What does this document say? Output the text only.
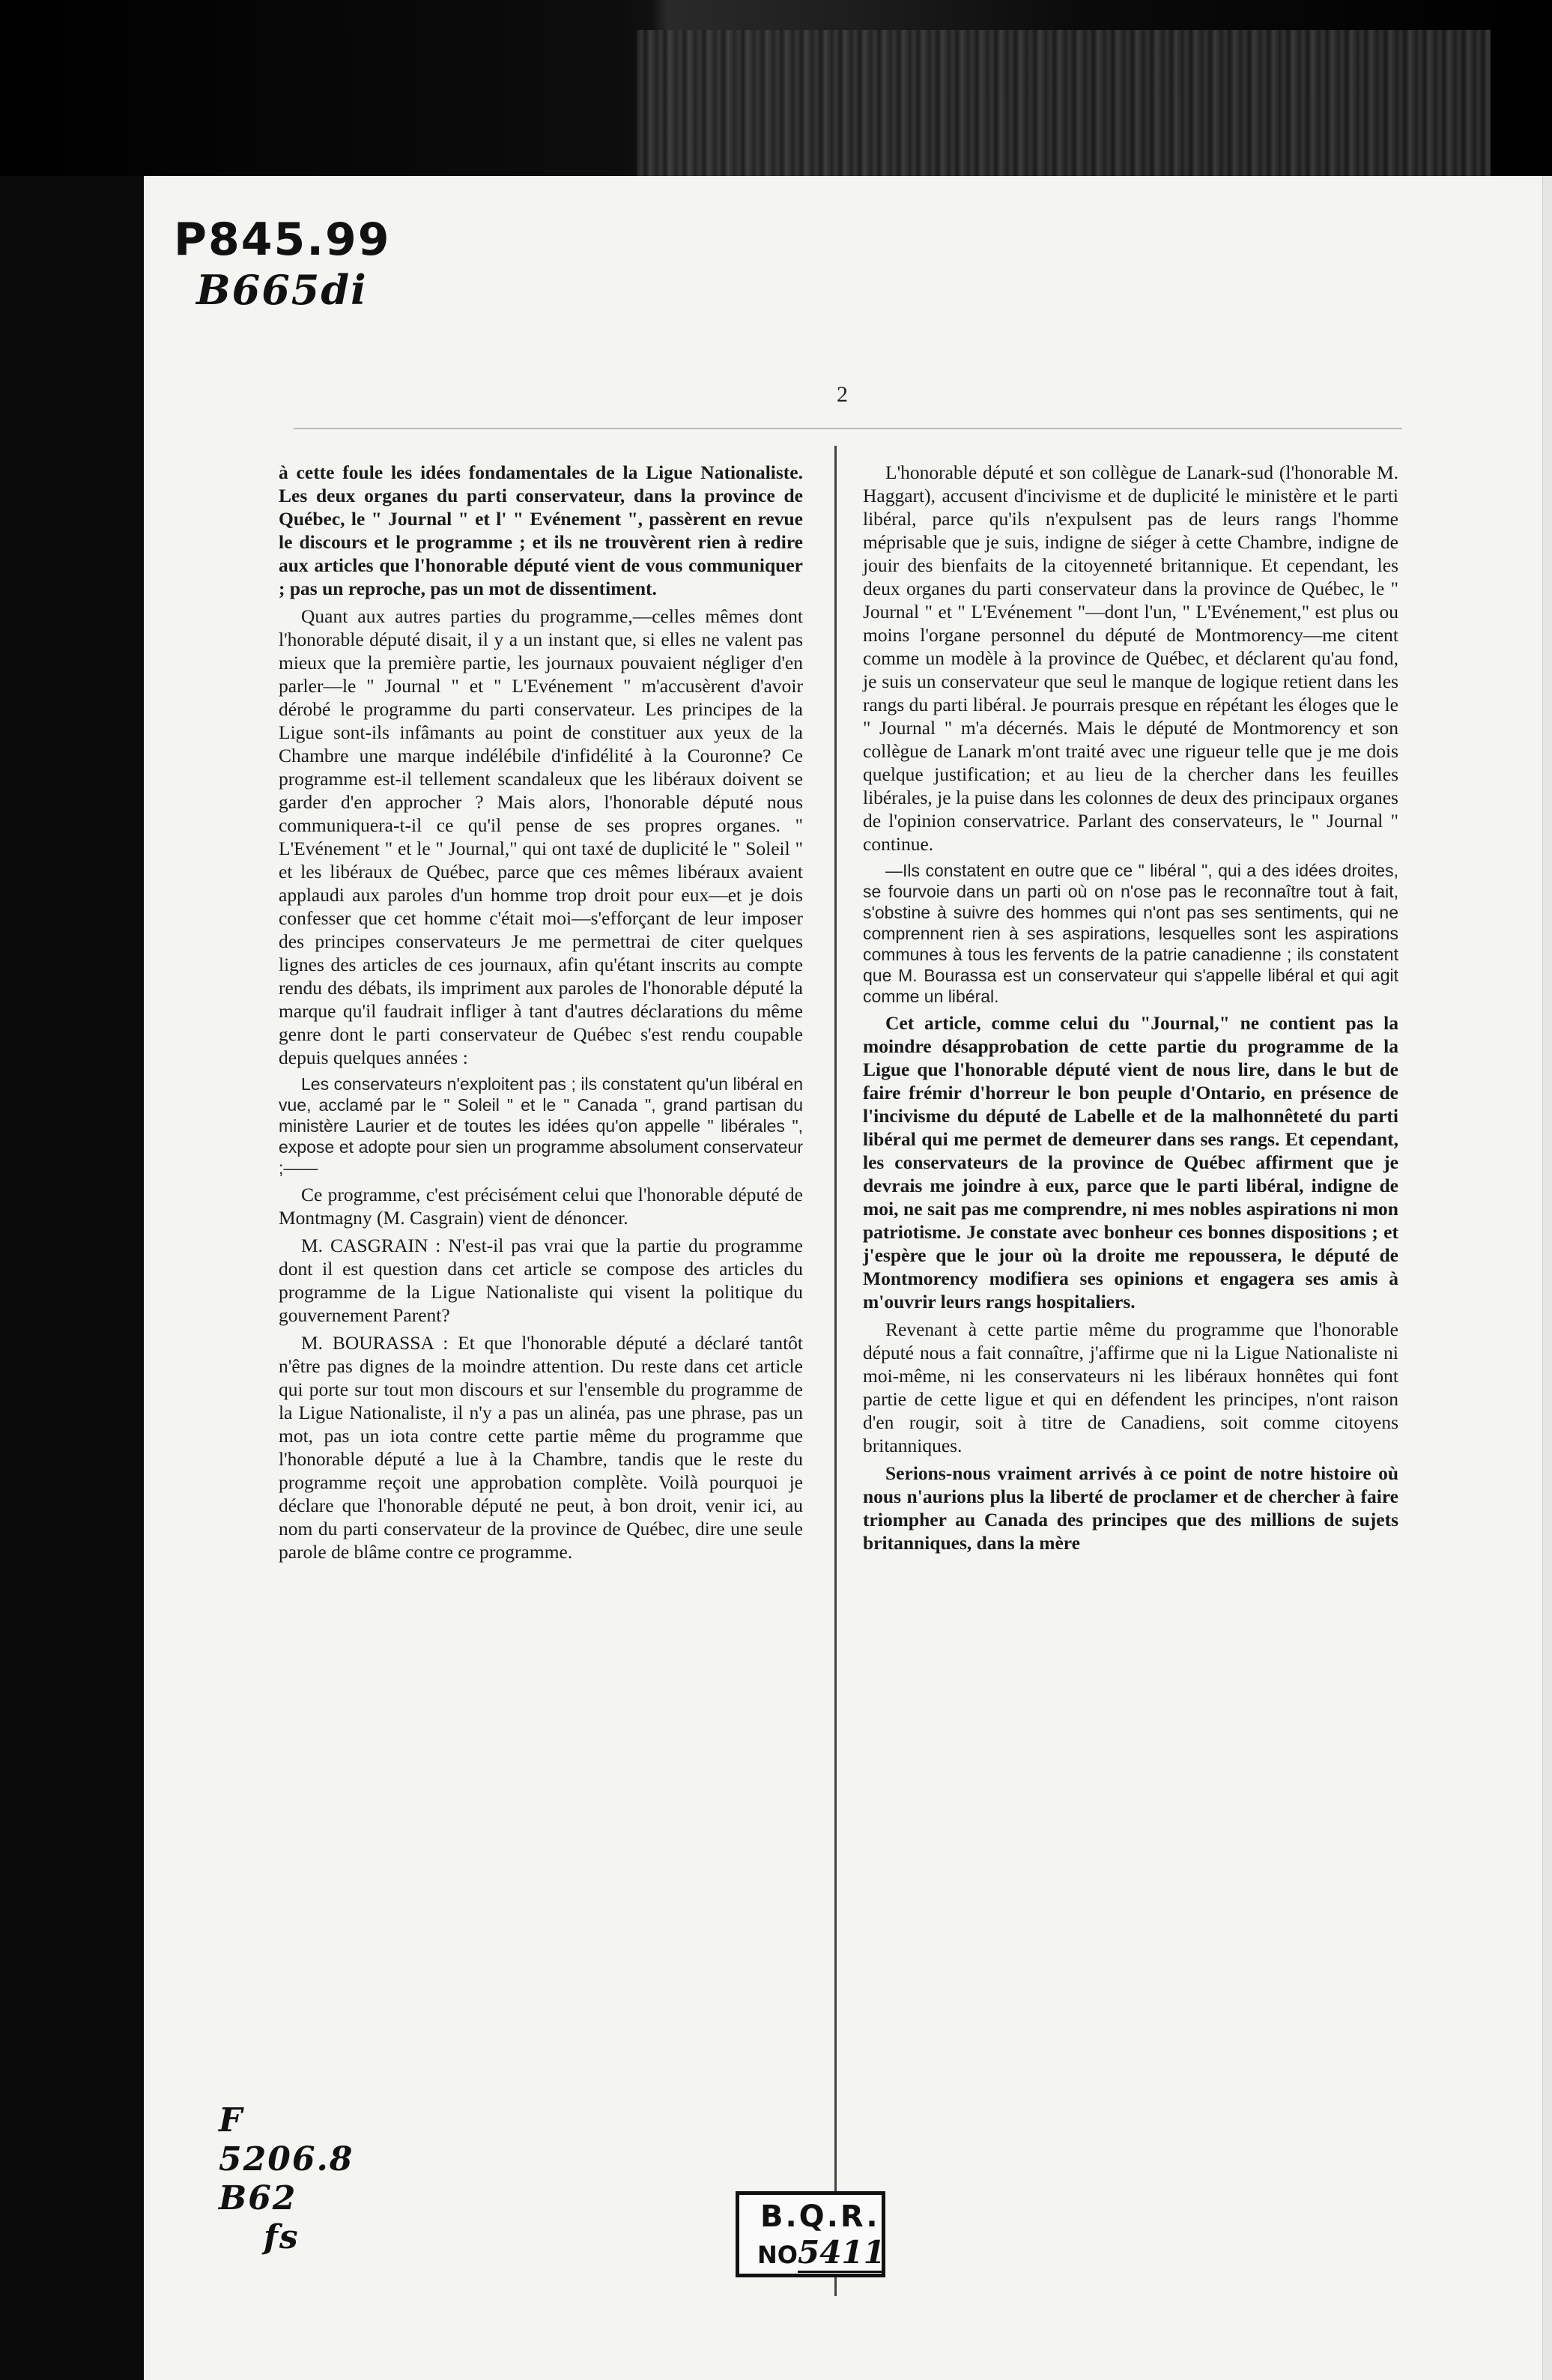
P845.99
B665di
2

à cette foule les idées fondamentales de la Ligue Nationaliste. Les deux organes du parti conservateur, dans la province de Québec, le " Journal " et l' " Evénement ", passèrent en revue le discours et le programme ; et ils ne trouvèrent rien à redire aux articles que l'honorable député vient de vous communiquer ; pas un reproche, pas un mot de dissentiment.

Quant aux autres parties du programme,—celles mêmes dont l'honorable député disait, il y a un instant que, si elles ne valent pas mieux que la première partie, les journaux pouvaient négliger d'en parler—le " Journal " et " L'Evénement " m'accusèrent d'avoir dérobé le programme du parti conservateur. Les principes de la Ligue sont-ils infâmants au point de constituer aux yeux de la Chambre une marque indélébile d'infidélité à la Couronne? Ce programme est-il tellement scandaleux que les libéraux doivent se garder d'en approcher ? Mais alors, l'honorable député nous communiquera-t-il ce qu'il pense de ses propres organes. " L'Evénement " et le " Journal," qui ont taxé de duplicité le " Soleil " et les libéraux de Québec, parce que ces mêmes libéraux avaient applaudi aux paroles d'un homme trop droit pour eux—et je dois confesser que cet homme c'était moi—s'efforçant de leur imposer des principes conservateurs Je me permettrai de citer quelques lignes des articles de ces journaux, afin qu'étant inscrits au compte rendu des débats, ils impriment aux paroles de l'honorable député la marque qu'il faudrait infliger à tant d'autres déclarations du même genre dont le parti conservateur de Québec s'est rendu coupable depuis quelques années :

Les conservateurs n'exploitent pas ; ils constatent qu'un libéral en vue, acclamé par le " Soleil " et le " Canada ", grand partisan du ministère Laurier et de toutes les idées qu'on appelle " libérales ", expose et adopte pour sien un programme absolument conservateur ;——

Ce programme, c'est précisément celui que l'honorable député de Montmagny (M. Casgrain) vient de dénoncer.

M. CASGRAIN : N'est-il pas vrai que la partie du programme dont il est question dans cet article se compose des articles du programme de la Ligue Nationaliste qui visent la politique du gouvernement Parent?

M. BOURASSA : Et que l'honorable député a déclaré tantôt n'être pas dignes de la moindre attention. Du reste dans cet article qui porte sur tout mon discours et sur l'ensemble du programme de la Ligue Nationaliste, il n'y a pas un alinéa, pas une phrase, pas un mot, pas un iota contre cette partie même du programme que l'honorable député a lue à la Chambre, tandis que le reste du programme reçoit une approbation complète. Voilà pourquoi je déclare que l'honorable député ne peut, à bon droit, venir ici, au nom du parti conservateur de la province de Québec, dire une seule parole de blâme contre ce programme.

L'honorable député et son collègue de Lanark-sud (l'honorable M. Haggart), accusent d'incivisme et de duplicité le ministère et le parti libéral, parce qu'ils n'expulsent pas de leurs rangs l'homme méprisable que je suis, indigne de siéger à cette Chambre, indigne de jouir des bienfaits de la citoyenneté britannique. Et cependant, les deux organes du parti conservateur dans la province de Québec, le " Journal " et " L'Evénement "—dont l'un, " L'Evénement," est plus ou moins l'organe personnel du député de Montmorency—me citent comme un modèle à la province de Québec, et déclarent qu'au fond, je suis un conservateur que seul le manque de logique retient dans les rangs du parti libéral. Je pourrais presque en répétant les éloges que le " Journal " m'a décernés. Mais le député de Montmorency et son collègue de Lanark m'ont traité avec une rigueur telle que je me dois quelque justification; et au lieu de la chercher dans les feuilles libérales, je la puise dans les colonnes de deux des principaux organes de l'opinion conservatrice. Parlant des conservateurs, le " Journal " continue.

—Ils constatent en outre que ce " libéral ", qui a des idées droites, se fourvoie dans un parti où on n'ose pas le reconnaître tout à fait, s'obstine à suivre des hommes qui n'ont pas ses sentiments, qui ne comprennent rien à ses aspirations, lesquelles sont les aspirations communes à tous les fervents de la patrie canadienne ; ils constatent que M. Bourassa est un conservateur qui s'appelle libéral et qui agit comme un libéral.

Cet article, comme celui du "Journal," ne contient pas la moindre désapprobation de cette partie du programme de la Ligue que l'honorable député vient de nous lire, dans le but de faire frémir d'horreur le bon peuple d'Ontario, en présence de l'incivisme du député de Labelle et de la malhonnêteté du parti libéral qui me permet de demeurer dans ses rangs. Et cependant, les conservateurs de la province de Québec affirment que je devrais me joindre à eux, parce que le parti libéral, indigne de moi, ne sait pas me comprendre, ni mes nobles aspirations ni mon patriotisme. Je constate avec bonheur ces bonnes dispositions ; et j'espère que le jour où la droite me repoussera, le député de Montmorency modifiera ses opinions et engagera ses amis à m'ouvrir leurs rangs hospitaliers.

Revenant à cette partie même du programme que l'honorable député nous a fait connaître, j'affirme que ni la Ligue Nationaliste ni moi-même, ni les conservateurs ni les libéraux honnêtes qui font partie de cette ligue et qui en défendent les principes, n'ont raison d'en rougir, soit à titre de Canadiens, soit comme citoyens britanniques.

Serions-nous vraiment arrivés à ce point de notre histoire où nous n'aurions plus la liberté de proclamer et de chercher à faire triompher au Canada des principes que des millions de sujets britanniques, dans la mère

F
5206.8
B62
fs
B.Q.R.
NO5411
